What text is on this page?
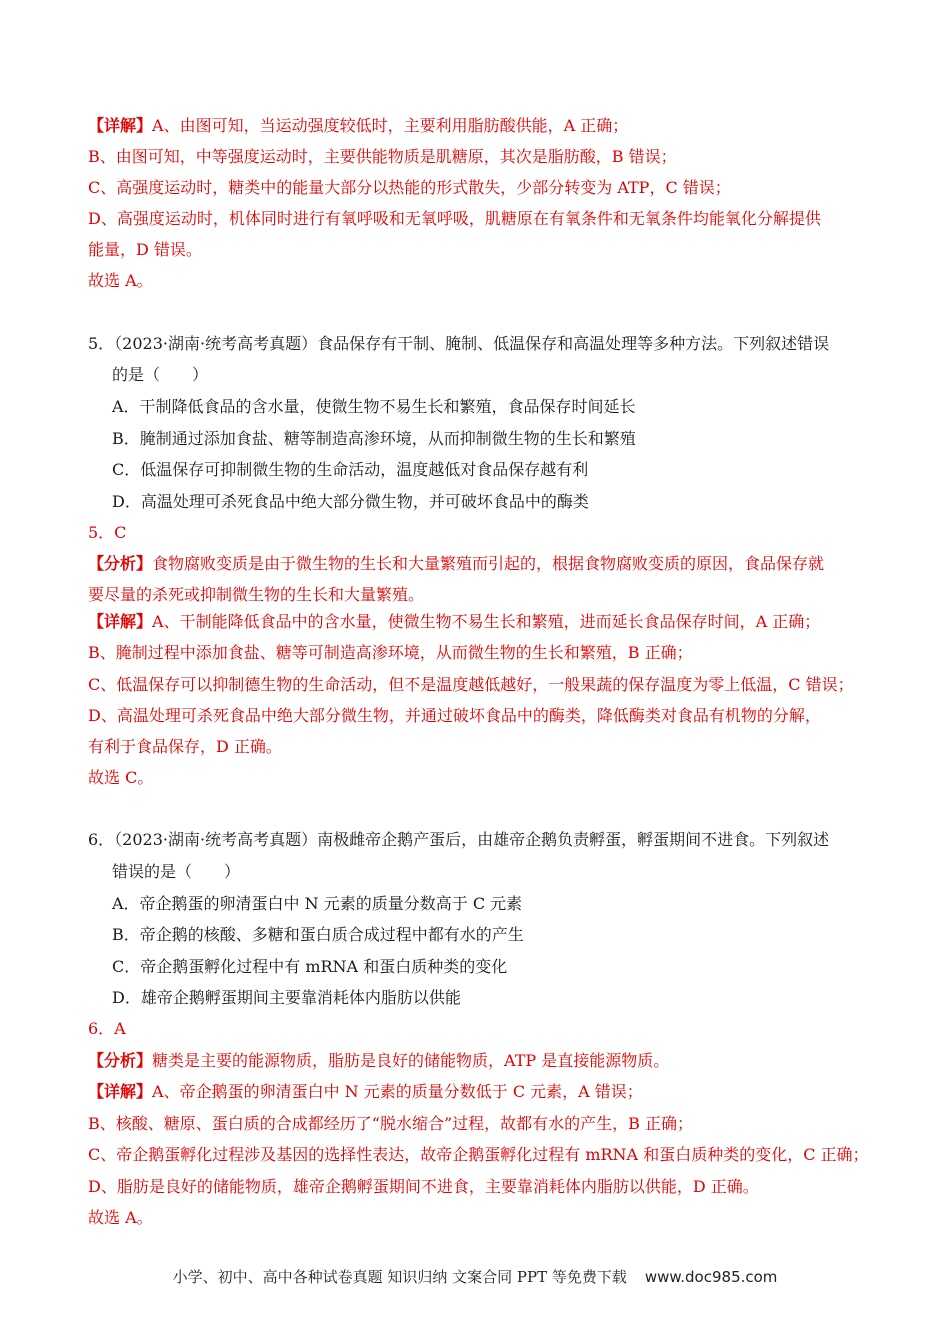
【详解】A、由图可知，当运动强度较低时，主要利用脂肪酸供能，A 正确；
B、由图可知，中等强度运动时，主要供能物质是肌糖原，其次是脂肪酸，B 错误；
C、高强度运动时，糖类中的能量大部分以热能的形式散失，少部分转变为 ATP，C 错误；
D、高强度运动时，机体同时进行有氧呼吸和无氧呼吸，肌糖原在有氧条件和无氧条件均能氧化分解提供
能量，D 错误。
故选 A。
5．（2023·湖南·统考高考真题）食品保存有干制、腌制、低温保存和高温处理等多种方法。下列叙述错误
的是（　　）
A．干制降低食品的含水量，使微生物不易生长和繁殖，食品保存时间延长
B．腌制通过添加食盐、糖等制造高渗环境，从而抑制微生物的生长和繁殖
C．低温保存可抑制微生物的生命活动，温度越低对食品保存越有利
D．高温处理可杀死食品中绝大部分微生物，并可破坏食品中的酶类
5．C
【分析】食物腐败变质是由于微生物的生长和大量繁殖而引起的，根据食物腐败变质的原因，食品保存就
要尽量的杀死或抑制微生物的生长和大量繁殖。
【详解】A、干制能降低食品中的含水量，使微生物不易生长和繁殖，进而延长食品保存时间，A 正确；
B、腌制过程中添加食盐、糖等可制造高渗环境，从而微生物的生长和繁殖，B 正确；
C、低温保存可以抑制德生物的生命活动，但不是温度越低越好，一般果蔬的保存温度为零上低温，C 错误；
D、高温处理可杀死食品中绝大部分微生物，并通过破坏食品中的酶类，降低酶类对食品有机物的分解，
有利于食品保存，D 正确。
故选 C。
6．（2023·湖南·统考高考真题）南极雌帝企鹅产蛋后，由雄帝企鹅负责孵蛋，孵蛋期间不进食。下列叙述
错误的是（　　）
A．帝企鹅蛋的卵清蛋白中 N 元素的质量分数高于 C 元素
B．帝企鹅的核酸、多糖和蛋白质合成过程中都有水的产生
C．帝企鹅蛋孵化过程中有 mRNA 和蛋白质种类的变化
D．雄帝企鹅孵蛋期间主要靠消耗体内脂肪以供能
6．A
【分析】糖类是主要的能源物质，脂肪是良好的储能物质，ATP 是直接能源物质。
【详解】A、帝企鹅蛋的卵清蛋白中 N 元素的质量分数低于 C 元素，A 错误；
B、核酸、糖原、蛋白质的合成都经历了“脱水缩合”过程，故都有水的产生，B 正确；
C、帝企鹅蛋孵化过程涉及基因的选择性表达，故帝企鹅蛋孵化过程有 mRNA 和蛋白质种类的变化，C 正确；
D、脂肪是良好的储能物质，雄帝企鹅孵蛋期间不进食，主要靠消耗体内脂肪以供能，D 正确。
故选 A。
小学、初中、高中各种试卷真题 知识归纳 文案合同 PPT 等免费下载 www.doc985.com
